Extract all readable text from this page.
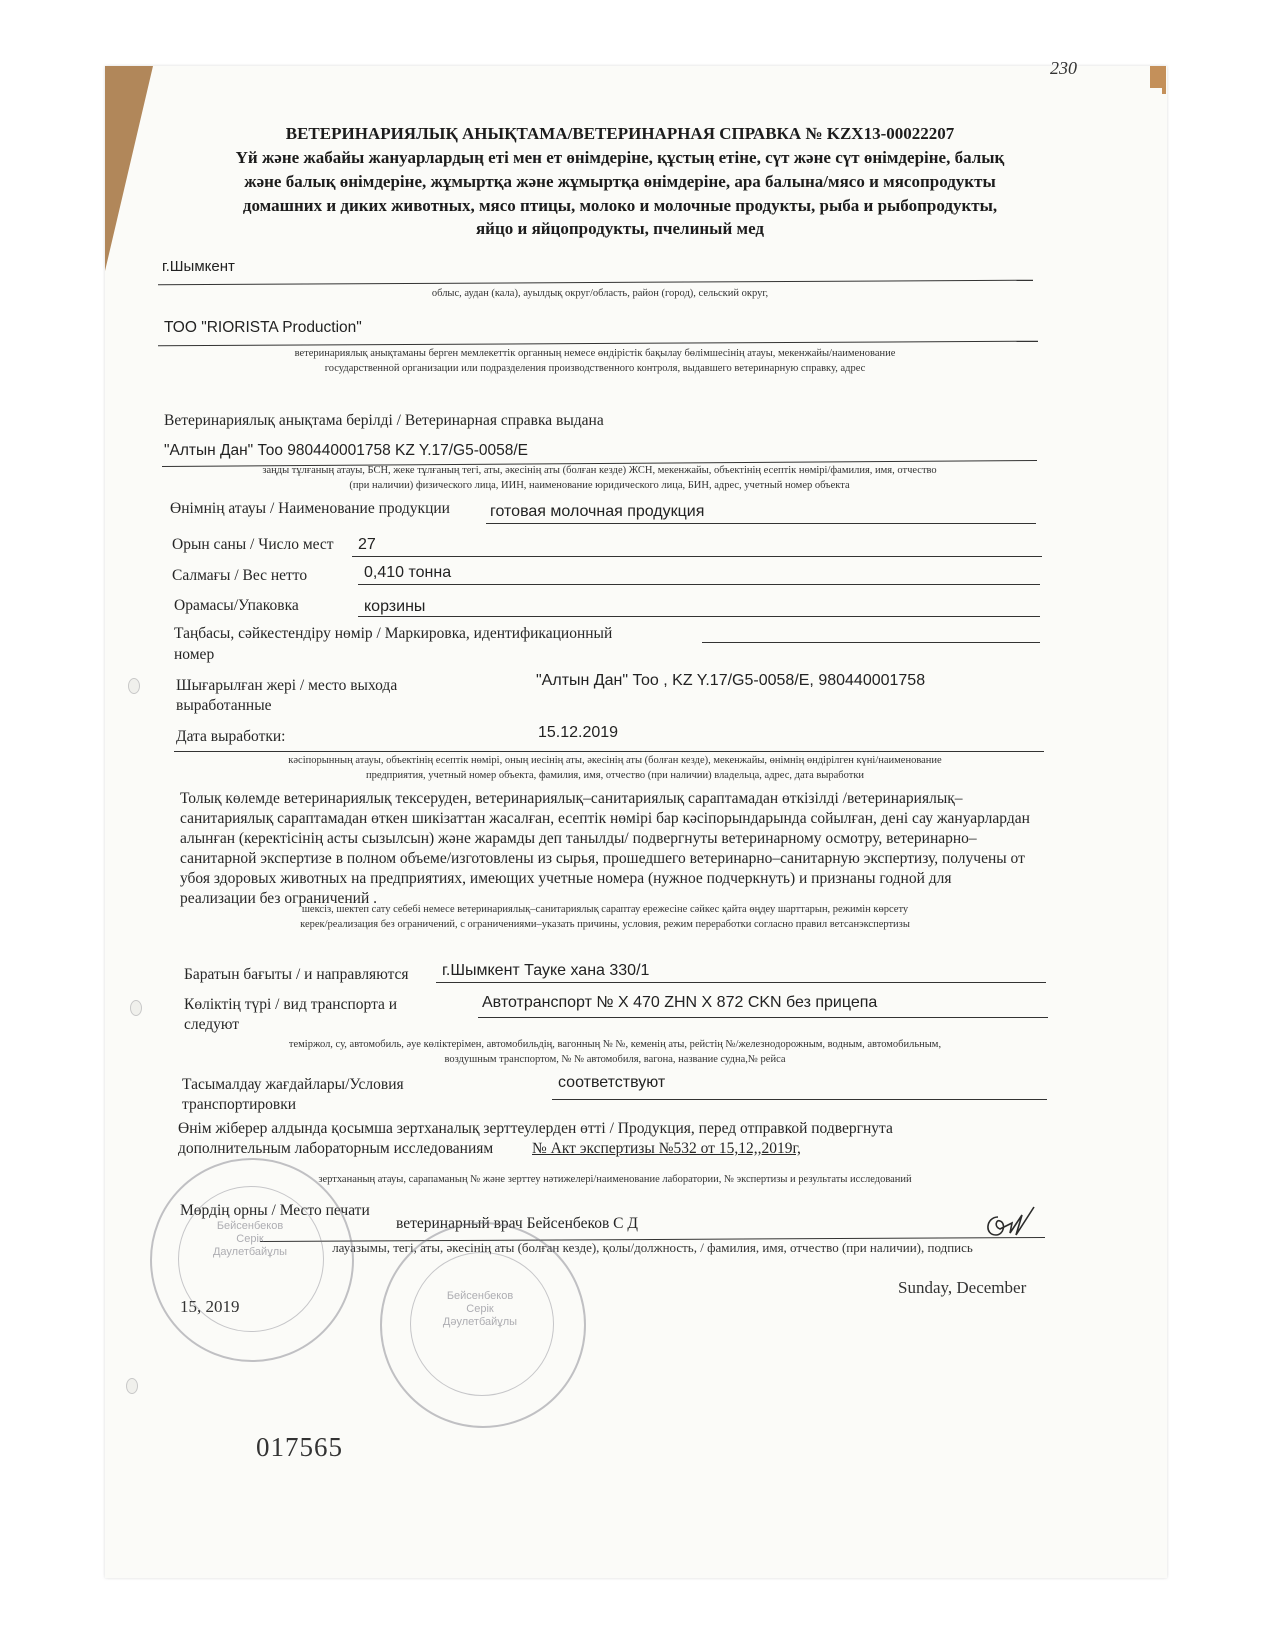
230
ВЕТЕРИНАРИЯЛЫҚ АНЫҚТАМА/ВЕТЕРИНАРНАЯ СПРАВКА № KZX13-00022207
Үй және жабайы жануарлардың еті мен ет өнімдеріне, құстың етіне, сүт және сүт өнімдеріне, балық
және балық өнімдеріне, жұмыртқа және жұмыртқа өнімдеріне, ара балына/мясо и мясопродукты
домашних и диких животных, мясо птицы, молоко и молочные продукты, рыба и рыбопродукты,
яйцо и яйцопродукты, пчелиный мед
г.Шымкент
облыс, аудан (кала), ауылдық округ/область, район (город), сельский округ,
ТОО "RIORISTA Production"
ветеринариялық анықтаманы берген мемлекеттік органның немесе өндірістік бақылау бөлімшесінің атауы, мекенжайы/наименование
государственной организации или подразделения производственного контроля, выдавшего ветеринарную справку, адрес
Ветеринариялық анықтама берілді / Ветеринарная справка выдана
"Алтын Дан" Тоо 980440001758 KZ Y.17/G5-0058/E
заңды тұлғаның атауы, БСН, жеке тұлғаның тегі, аты, әкесінің аты (болған кезде) ЖСН, мекенжайы, объектінің есептік нөмірі/фамилия, имя, отчество
(при наличии) физического лица, ИИН, наименование юридического лица, БИН, адрес, учетный номер объекта
Өнімнің атауы / Наименование продукции	готовая молочная продукция
Орын саны / Число мест 27
Салмағы / Вес нетто	0,410 тонна
Орамасы/Упаковка	корзины
Таңбасы, сәйкестендіру нөмір / Маркировка, идентификационный
номер
Шығарылған жері / место выхода
выработанные
"Алтын Дан" Тоо , KZ Y.17/G5-0058/E, 980440001758
Дата выработки:	15.12.2019
кәсіпорынның атауы, объектінің есептік нөмірі, оның иесінің аты, әкесінің аты (болған кезде), мекенжайы, өнімнің өндірілген күні/наименование
предприятия, учетный номер объекта, фамилия, имя, отчество (при наличии) владельца, адрес, дата выработки
Толық көлемде ветеринариялық тексеруден, ветеринариялық–санитариялық сараптамадан өткізілді /ветеринариялық–санитариялық сараптамадан өткен шикізаттан жасалған, есептік нөмірі бар кәсіпорындарында сойылған, дені сау жануарлардан алынған (керектісінің асты сызылсын) және жарамды деп танылды/ подвергнуты ветеринарному осмотру, ветеринарно–санитарной экспертизе в полном объеме/изготовлены из сырья, прошедшего ветеринарно–санитарную экспертизу, получены от убоя здоровых животных на предприятиях, имеющих учетные номера (нужное подчеркнуть) и признаны годной для реализации без ограничений .
шексіз, шектеп сату себебі немесе ветеринариялық–санитариялық сараптау ережесіне сәйкес қайта өңдеу шарттарын, режимін көрсету
керек/реализация без ограничений, с ограничениями–указать причины, условия, режим переработки согласно правил ветсанэкспертизы
Баратын бағыты / и направляются г.Шымкент Тауке хана 330/1
Көліктің түрі / вид транспорта и
следуют
Автотранспорт № X 470 ZHN X 872 CKN без прицепа
теміржол, су, автомобиль, әуе көліктерімен, автомобильдің, вагонның № №, кеменің аты, рейстің №/железнодорожным, водным, автомобильным,
воздушным транспортом, № № автомобиля, вагона, название судна,№ рейса
Тасымалдау жағдайлары/Условия
транспортировки
соответствуют
Өнім жіберер алдында қосымша зертханалық зерттеулерден өтті / Продукция, перед отправкой подвергнута
дополнительным лабораторным исследованиям	№ Акт экспертизы №532 от 15,12,,2019г,
зертхананың атауы, сарапаманың № және зерттеу нәтижелері/наименование лаборатории, № экспертизы и результаты исследований
Мөрдің орны / Место печати
ветеринарный врач Бейсенбеков С Д
лауазымы, тегі, аты, әкесінің аты (болған кезде), қолы/должность, / фамилия, имя, отчество (при наличии), подпись
Sunday, December
15, 2019
Бейсенбеков
Серік
Даулетбайұлы
Бейсенбеков
Серік
Дәулетбайұлы
017565
